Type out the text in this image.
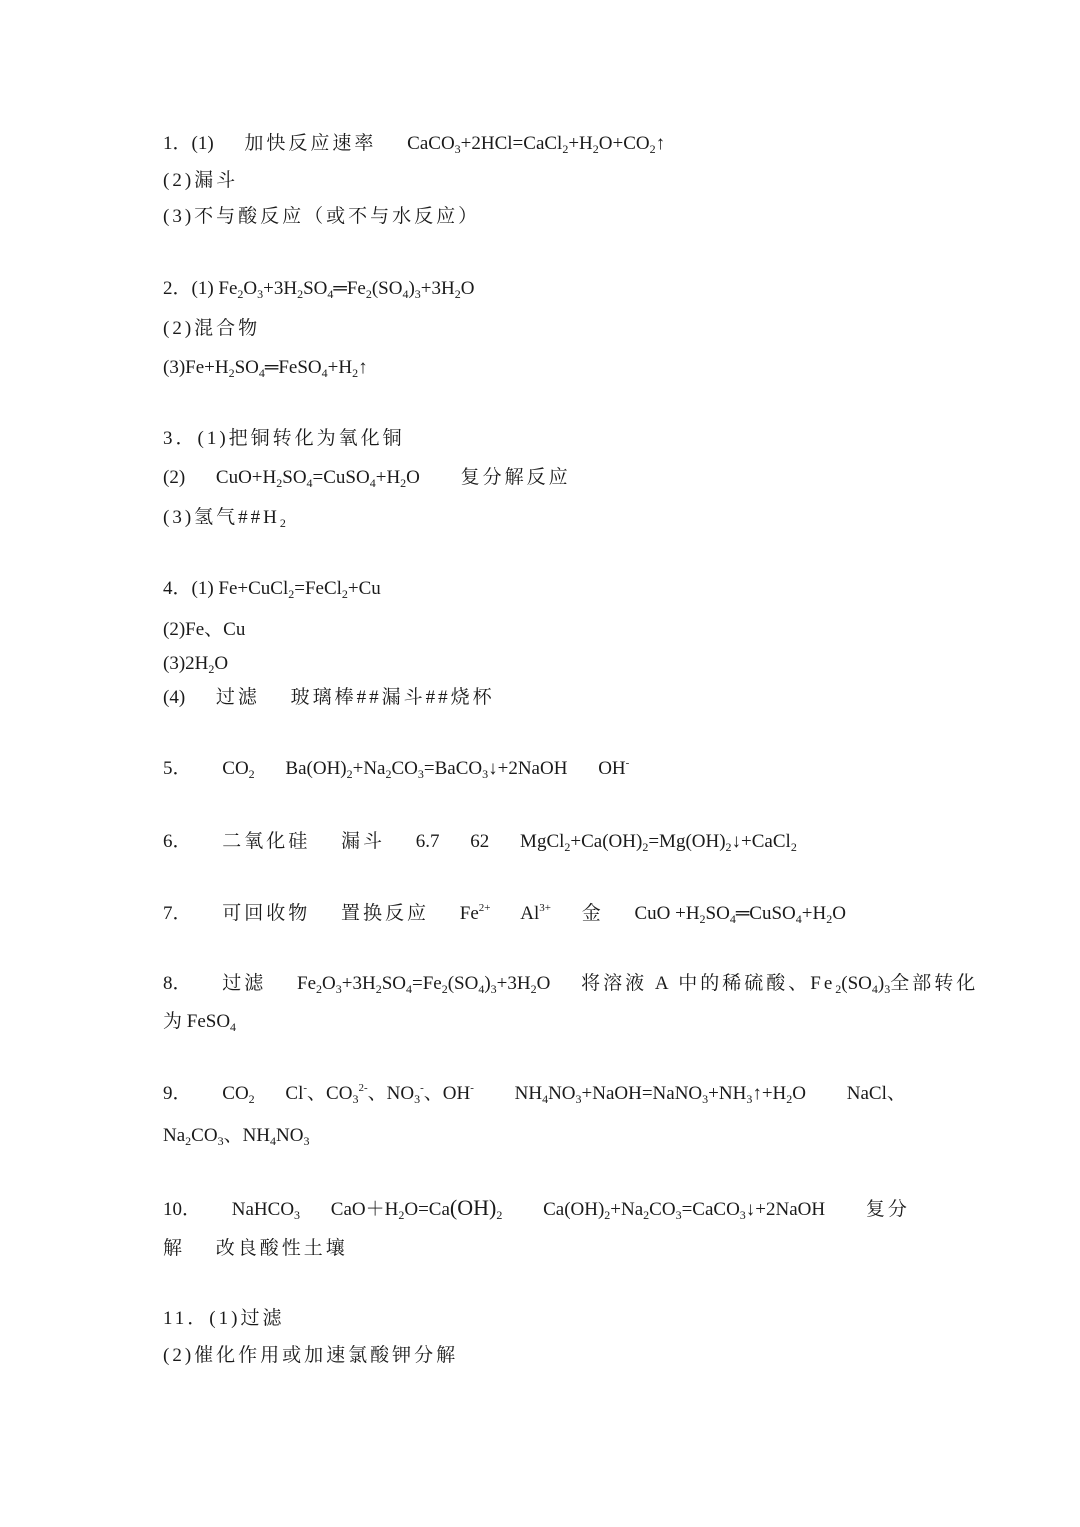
1．(1) 加快反应速率 $CaCO_3+2HCl=CaCl_2+H_2O+CO_2↑$
(2)漏斗
(3)不与酸反应（或不与水反应）
2．(1) $Fe_2O_3+3H_2SO_4═Fe_2(SO_4)_3+3H_2O$
(2)混合物
$(3)Fe+H_2SO_4═FeSO_4+H_2↑$
3．(1)把铜转化为氧化铜
(2) $CuO+H_2SO_4=CuSO_4+H_2O$ 复分解反应
(3)氢气$\#\#H_2$
4．(1) Fe+CuCl$_2$=FeCl$_2$+Cu
(2)Fe、Cu
$(3)2H_2O$
(4) 过滤 玻璃棒##漏斗##烧杯
5． $CO_2$ $Ba(OH)_2+Na_2CO_3=BaCO_3↓+2NaOH$ OH-
6． 二氧化硅 漏斗 6.7 62 $MgCl_2+Ca(OH)_2=Mg(OH)_2↓+CaCl_2$
7． 可回收物 置换反应 $Fe^{2+}$ $Al^{3+}$ 金 CuO $+H_2SO_4═CuSO_4+H_2O$
8． 过滤 $Fe_2O_3+3H_2SO_4=Fe_2(SO_4)_3+3H_2O$ 将溶液 A 中的稀硫酸、$Fe_2(SO_4)_3$全部转化
为 FeSO$_4$
9． $CO_2$ Cl-、$CO_3^{2-}$、$NO_3^-$、OH- $NH_4NO_3+NaOH=NaNO_3+NH_3↑+H_2O$ NaCl、
$Na_2CO_3$、$NH_4NO_3$
10． NaHCO$_3$ $CaO+H_2O=Ca(OH)_2$ $Ca(OH)_2+Na_2CO_3=CaCO_3↓+2NaOH$ 复分
解 改良酸性土壤
11．(1)过滤
(2)催化作用或加速氯酸钾分解
